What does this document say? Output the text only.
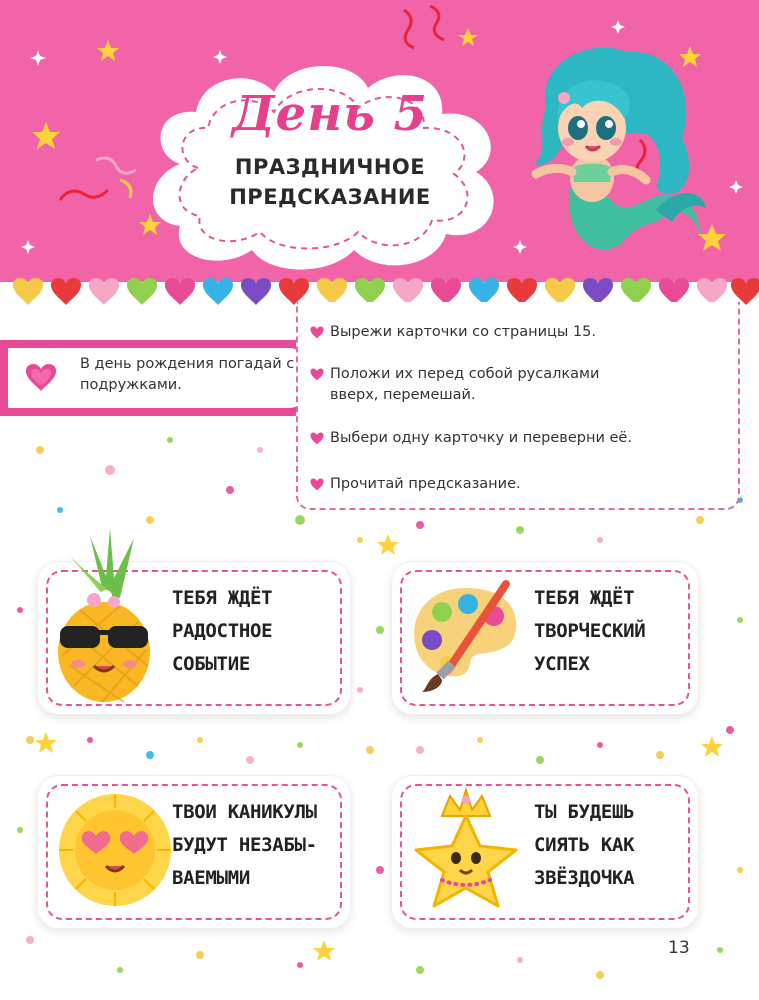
День 5
ПРАЗДНИЧНОЕ
ПРЕДСКАЗАНИЕ
В день рождения погадай с подружками.
Вырежи карточки со страницы 15.
Положи их перед собой русалками вверх, перемешай.
Выбери одну карточку и переверни её.
Прочитай предсказание.
ТЕБЯ ЖДЁТ
РАДОСТНОЕ
СОБЫТИЕ
ТЕБЯ ЖДЁТ
ТВОРЧЕСКИЙ
УСПЕХ
ТВОИ КАНИКУЛЫ
БУДУТ НЕЗАБЫ-
ВАЕМЫМИ
ТЫ БУДЕШЬ
СИЯТЬ КАК
ЗВЁЗДОЧКА
13
